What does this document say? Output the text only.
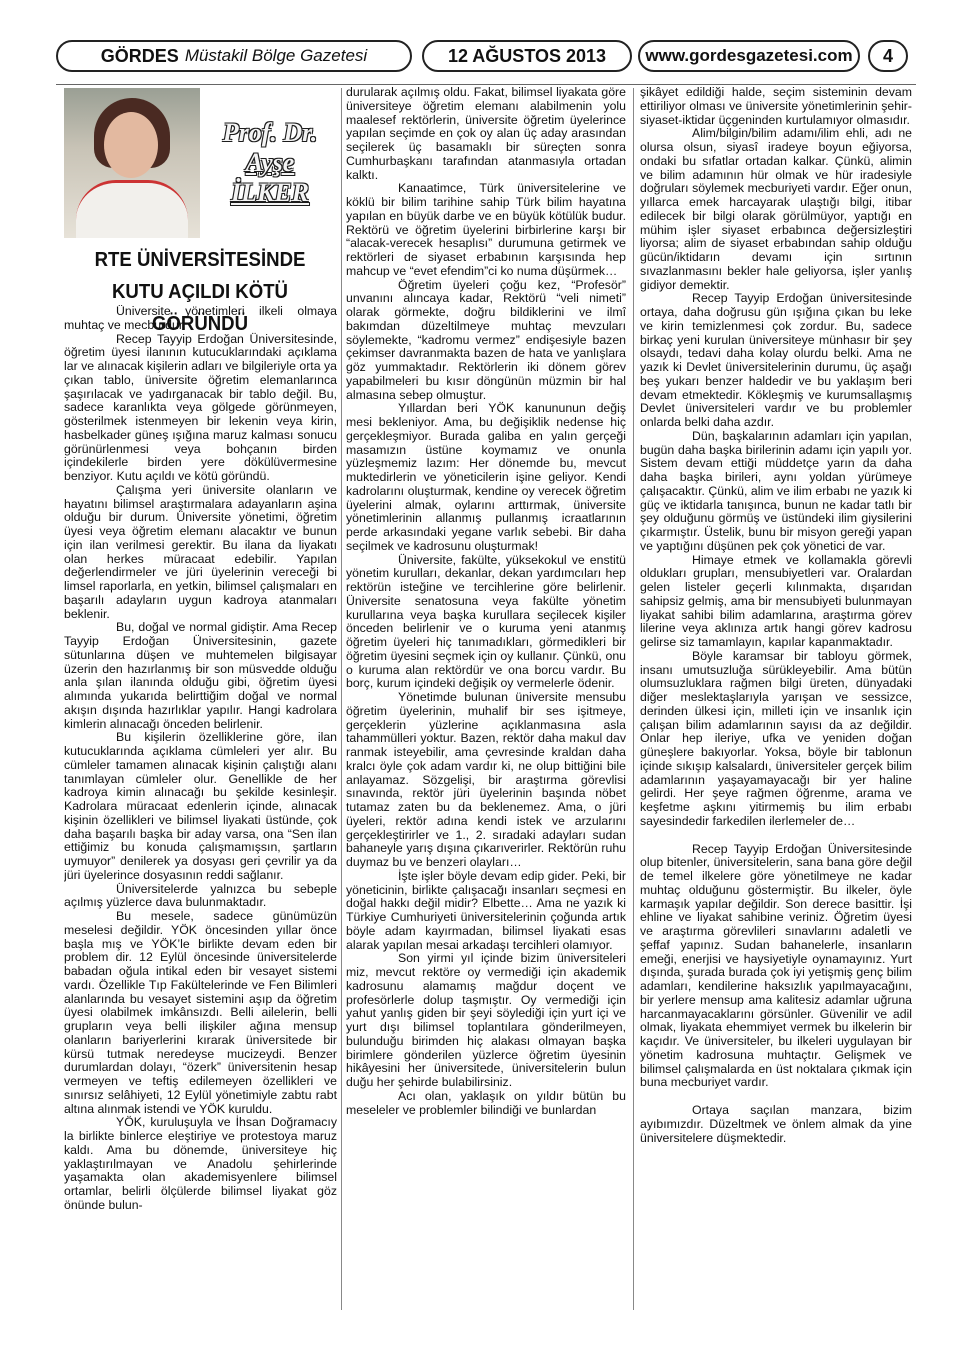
GÖRDES Müstakil Bölge Gazetesi	12 AĞUSTOS 2013	www.gordesgazetesi.com	4
Prof. Dr.
Ayşe
İLKER
RTE ÜNİVERSİTESİNDE
KUTU AÇILDI KÖTÜ GÖRÜNDÜ

Üniversite yönetimleri ilkeli olmaya muhtaç ve mecburdur.

Recep Tayyip Erdoğan Üniversitesinde, öğretim üyesi ilanının kutucuklarındaki açıklama lar ve alınacak kişilerin adları ve bilgileriyle orta ya çıkan tablo, üniversite öğretim elemanlarınca şaşırılacak ve yadırganacak bir tablo değil. Bu, sadece karanlıkta veya gölgede görünmeyen, gösterilmek istenmeyen bir lekenin veya kirin, hasbelkader güneş ışığına maruz kalması sonucu görünürlenmesi veya bohçanın birden içindekilerle birden yere dökülüvermesine benziyor. Kutu açıldı ve kötü göründü.

Çalışma yeri üniversite olanların ve hayatını bilimsel araştırmalara adayanların aşina olduğu bir durum. Üniversite yönetimi, öğretim üyesi veya öğretim elemanı alacaktır ve bunun için ilan verilmesi gerektir. Bu ilana da liyakatı olan herkes müracaat edebilir. Yapılan değerlendirmeler ve jüri üyelerinin vereceği bi limsel raporlarla, en yetkin, bilimsel çalışmaları en başarılı adayların uygun kadroya atanmaları beklenir.

Bu, doğal ve normal gidiştir. Ama Recep Tayyip Erdoğan Üniversitesinin, gazete sütunlarına düşen ve muhtemelen bilgisayar üzerin den hazırlanmış bir son müsvedde olduğu anla şılan ilanında olduğu gibi, öğretim üyesi alımında yukarıda belirttiğim doğal ve normal akışın dışında hazırlıklar yapılır. Hangi kadrolara kimlerin alınacağı önceden belirlenir.

Bu kişilerin özelliklerine göre, ilan kutucuklarında açıklama cümleleri yer alır. Bu cümleler tamamen alınacak kişinin çalıştığı alanı tanımlayan cümleler olur. Genellikle de her kadroya kimin alınacağı bu şekilde kesinleşir. Kadrolara müracaat edenlerin içinde, alınacak kişinin özellikleri ve bilimsel liyakati üstünde, çok daha başarılı başka bir aday varsa, ona “Sen ilan ettiğimiz bu konuda çalışmamışsın, şartların uymuyor” denilerek ya dosyası geri çevrilir ya da jüri üyelerince dosyasının reddi sağlanır.

Üniversitelerde yalnızca bu sebeple açılmış yüzlerce dava bulunmaktadır.

Bu mesele, sadece günümüzün meselesi değildir. YÖK öncesinden yıllar önce başla mış ve YÖK’le birlikte devam eden bir problem dir. 12 Eylül öncesinde üniversitelerde babadan oğula intikal eden bir vesayet sistemi vardı. Özellikle Tıp Fakültelerinde ve Fen Bilimleri alanlarında bu vesayet sistemini aşıp da öğretim üyesi olabilmek imkânsızdı. Belli ailelerin, belli grupların veya belli ilişkiler ağına mensup olanların bariyerlerini kırarak üniversitede bir kürsü tutmak neredeyse mucizeydi. Benzer durumlardan dolayı, “özerk” üniversitenin hesap vermeyen ve teftiş edilemeyen özellikleri ve sınırsız selâhiyeti, 12 Eylül yönetimiyle zabtu rabt altına alınmak istendi ve YÖK kuruldu.

YÖK, kuruluşuyla ve İhsan Doğramacıy la birlikte binlerce eleştiriye ve protestoya maruz kaldı. Ama bu dönemde, üniversiteye hiç yaklaştırılmayan ve Anadolu şehirlerinde yaşamakta olan akademisyenlere bilimsel ortamlar, belirli ölçülerde bilimsel liyakat göz önünde bulun-

durularak açılmış oldu. Fakat, bilimsel liyakata göre üniversiteye öğretim elemanı alabilmenin yolu maalesef rektörlerin, üniversite öğretim üyelerince yapılan seçimde en çok oy alan üç aday arasından seçilerek üç basamaklı bir süreçten sonra Cumhurbaşkanı tarafından atanmasıyla ortadan kalktı.

Kanaatimce, Türk üniversitelerine ve köklü bir bilim tarihine sahip Türk bilim hayatına yapılan en büyük darbe ve en büyük kötülük budur. Rektörü ve öğretim üyelerini birbirlerine karşı bir “alacak-verecek hesaplısı” durumuna getirmek ve rektörleri de siyaset erbabının karşısında hep mahcup ve “evet efendim”ci ko numa düşürmek…

Öğretim üyeleri çoğu kez, “Profesör” unvanını alıncaya kadar, Rektörü “veli nimeti” olarak görmekte, doğru bildiklerini ve ilmî bakımdan düzeltilmeye muhtaç mevzuları söylemekte, “kadromu vermez” endişesiyle bazen çekimser davranmakta bazen de hata ve yanlışlara göz yummaktadır. Rektörlerin iki dönem görev yapabilmeleri bu kısır döngünün müzmin bir hal almasına sebep olmuştur.

Yıllardan beri YÖK kanununun değiş mesi bekleniyor. Ama, bu değişiklik nedense hiç gerçekleşmiyor. Burada galiba en yalın gerçeği masamızın üstüne koymamız ve onunla yüzleşmemiz lazım: Her dönemde bu, mevcut muktedirlerin ve yöneticilerin işine geliyor. Kendi kadrolarını oluşturmak, kendine oy verecek öğretim üyelerini almak, oylarını arttırmak, üniversite yönetimlerinin allanmış pullanmış icraatlarının perde arkasındaki yegane varlık sebebi. Bir daha seçilmek ve kadrosunu oluşturmak!

Üniversite, fakülte, yüksekokul ve enstitü yönetim kurulları, dekanlar, dekan yardımcıları hep rektörün isteğine ve tercihlerine göre belirlenir. Üniversite senatosuna veya fakülte yönetim kurullarına veya başka kurullara seçilecek kişiler önceden belirlenir ve o kuruma yeni atanmış öğretim üyeleri hiç tanımadıkları, görmedikleri bir öğretim üyesini seçmek için oy kullanır. Çünkü, onu o kuruma alan rektördür ve ona borcu vardır. Bu borç, kurum içindeki değişik oy vermelerle ödenir.

Yönetimde bulunan üniversite mensubu öğretim üyelerinin, muhalif bir ses işitmeye, gerçeklerin yüzlerine açıklanmasına asla tahammülleri yoktur. Bazen, rektör daha makul dav ranmak isteyebilir, ama çevresinde kraldan daha kralcı öyle çok adam vardır ki, ne olup bittiğini bile anlayamaz. Sözgelişi, bir araştırma görevlisi sınavında, rektör jüri üyelerinin başında nöbet tutamaz zaten bu da beklenemez. Ama, o jüri üyeleri, rektör adına kendi istek ve arzularını gerçekleştirirler ve 1., 2. sıradaki adayları sudan bahaneyle yarış dışına çıkarıverirler. Rektörün ruhu duymaz bu ve benzeri olayları…

İşte işler böyle devam edip gider. Peki, bir yöneticinin, birlikte çalışacağı insanları seçmesi en doğal hakkı değil midir? Elbette… Ama ne yazık ki Türkiye Cumhuriyeti üniversitelerinin çoğunda artık böyle adam kayırmadan, bilimsel liyakati esas alarak yapılan mesai arkadaşı tercihleri olamıyor.

Son yirmi yıl içinde bizim üniversiteleri miz, mevcut rektöre oy vermediği için akademik kadrosunu alamamış mağdur doçent ve profesörlerle dolup taşmıştır. Oy vermediği için yahut yanlış giden bir şeyi söylediği için yurt içi ve yurt dışı bilimsel toplantılara gönderilmeyen, bulunduğu birimden hiç alakası olmayan başka birimlere gönderilen yüzlerce öğretim üyesinin hikâyesini her üniversitede, üniversitelerin bulun duğu her şehirde bulabilirsiniz.

Acı olan, yaklaşık on yıldır bütün bu meseleler ve problemler bilindiği ve bunlardan

şikâyet edildiği halde, seçim sisteminin devam ettiriliyor olması ve üniversite yönetimlerinin şehir-siyaset-iktidar üçgeninden kurtulamıyor olmasıdır.

Alim/bilgin/bilim adamı/ilim ehli, adı ne olursa olsun, siyasî iradeye boyun eğiyorsa, ondaki bu sıfatlar ortadan kalkar. Çünkü, alimin ve bilim adamının hür olmak ve hür iradesiyle doğruları söylemek mecburiyeti vardır. Eğer onun, yıllarca emek harcayarak ulaştığı bilgi, itibar edilecek bir bilgi olarak görülmüyor, yaptığı en mühim işler siyaset erbabınca değersizleştiri liyorsa; alim de siyaset erbabından sahip olduğu gücün/iktidarın devamı için sırtının sıvazlanmasını bekler hale geliyorsa, işler yanlış gidiyor demektir.

Recep Tayyip Erdoğan üniversitesinde ortaya, daha doğrusu gün ışığına çıkan bu leke ve kirin temizlenmesi çok zordur. Bu, sadece birkaç yeni kurulan üniversiteye münhasır bir şey olsaydı, tedavi daha kolay olurdu belki. Ama ne yazık ki Devlet üniversitelerinin durumu, üç aşağı beş yukarı benzer haldedir ve bu yaklaşım beri devam etmektedir. Kökleşmiş ve kurumsallaşmış Devlet üniversiteleri vardır ve bu problemler onlarda belki daha azdır.

Dün, başkalarının adamları için yapılan, bugün daha başka birilerinin adamı için yapılı yor. Sistem devam ettiği müddetçe yarın da daha daha başka birileri, aynı yoldan yürümeye çalışacaktır. Çünkü, alim ve ilim erbabı ne yazık ki güç ve iktidarla tanışınca, bunun ne kadar tatlı bir şey olduğunu görmüş ve üstündeki ilim giysilerini çıkarmıştır. Üstelik, bunu bir misyon gereği yapan ve yaptığını düşünen pek çok yönetici de var.

Himaye etmek ve kollamakla görevli oldukları grupları, mensubiyetleri var. Oralardan gelen listeler geçerli kılınmakta, dışarıdan sahipsiz gelmiş, ama bir mensubiyeti bulunmayan liyakat sahibi bilim adamlarına, araştırma görev lilerine veya aklınıza artık hangi görev kadrosu gelirse siz tamamlayın, kapılar kapanmaktadır.

Böyle karamsar bir tabloyu görmek, insanı umutsuzluğa sürükleyebilir. Ama bütün olumsuzluklara rağmen bilgi üreten, dünyadaki diğer meslektaşlarıyla yarışan ve sessizce, derinden ülkesi için, milleti için ve insanlık için çalışan bilim adamlarının sayısı da az değildir. Onlar hep ileriye, ufka ve yeniden doğan güneşlere bakıyorlar. Yoksa, böyle bir tablonun içinde sıkışıp kalsalardı, üniversiteler gerçek bilim adamlarının yaşayamayacağı bir yer haline gelirdi. Her şeye rağmen öğrenme, arama ve keşfetme aşkını yitirmemiş bu ilim erbabı sayesindedir farkedilen ilerlemeler de…

Recep Tayyip Erdoğan Üniversitesinde olup bitenler, üniversitelerin, sana bana göre değil de temel ilkelere göre yönetilmeye ne kadar muhtaç olduğunu göstermiştir. Bu ilkeler, öyle karmaşık yapılar değildir. Son derece basittir. İşi ehline ve liyakat sahibine veriniz. Öğretim üyesi ve araştırma görevlileri sınavlarını adaletli ve şeffaf yapınız. Sudan bahanelerle, insanların emeği, enerjisi ve haysiyetiyle oynamayınız. Yurt dışında, şurada burada çok iyi yetişmiş genç bilim adamları, kendilerine haksızlık yapılmayacağını, bir yerlere mensup ama kalitesiz adamlar uğruna harcanmayacaklarını görsünler. Güvenilir ve adil olmak, liyakata ehemmiyet vermek bu ilkelerin bir kaçıdır. Ve üniversiteler, bu ilkeleri uygulayan bir yönetim kadrosuna muhtaçtır. Gelişmek ve bilimsel çalışmalarda en üst noktalara çıkmak için buna mecburiyet vardır.

Ortaya saçılan manzara, bizim ayıbımızdır. Düzeltmek ve önlem almak da yine üniversitelere düşmektedir.
